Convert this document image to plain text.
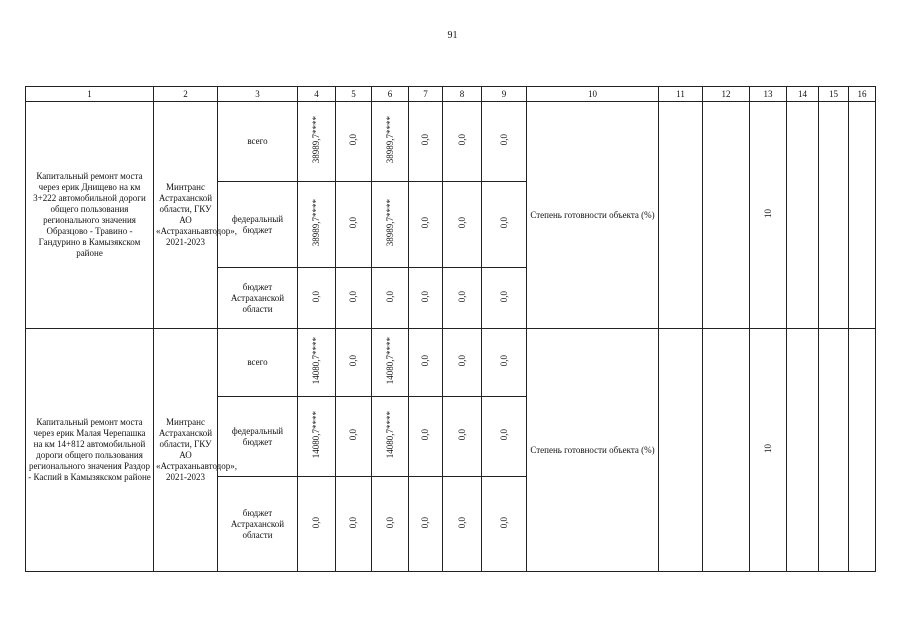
91
1	2	3	4	5	6	7	8	9	10	11	12	13	14	15	16
Капитальный ремонт моста через ерик Днищево на км 3+222 автомобильной дороги общего пользования регионального значения Образцово - Травино - Гандурино в Камызякском районе	Минтранс Астраханской области, ГКУ АО «Астраханьавтодор», 2021-2023	всего	38989,7****	0,0	38989,7****	0,0	0,0	0,0	Степень готовности объекта (%)			10			
		федеральный бюджет	38989,7****	0,0	38989,7****	0,0	0,0	0,0							
		бюджет Астраханской области	0,0	0,0	0,0	0,0	0,0	0,0							
Капитальный ремонт моста через ерик Малая Черепашка на км 14+812 автомобильной дороги общего пользования регионального значения Раздор - Каспий в Камызякском районе	Минтранс Астраханской области, ГКУ АО «Астраханьавтодор», 2021-2023	всего	14080,7****	0,0	14080,7****	0,0	0,0	0,0	Степень готовности объекта (%)			10			
		федеральный бюджет	14080,7****	0,0	14080,7****	0,0	0,0	0,0							
		бюджет Астраханской области	0,0	0,0	0,0	0,0	0,0	0,0							
